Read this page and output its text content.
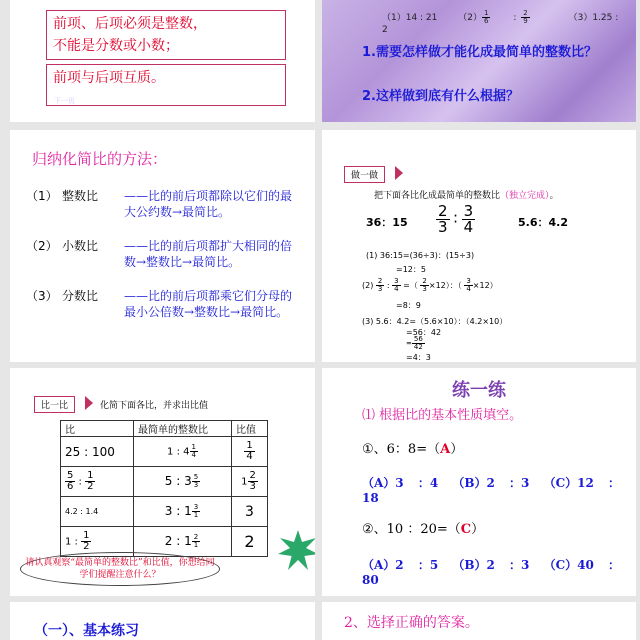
前项、后项必须是整数，
不能是分数或小数；
前项与后项互质。
下一页
（1）14 : 21 $(2) \frac{1}{6}$ : $\frac{2}{9} (3)1.25$ : 2
1.需要怎样做才能化成最简单的整数比？
2.这样做到底有什么根据？
归纳化简比的方法：
（1） 整数比	——比的前后项都除以它们的最大公约数→最简比。
（2） 小数比	——比的前后项都扩大相同的倍数→整数比→最简比。
（3） 分数比	——比的前后项都乘它们分母的最小公倍数→整数比→最简比。
做一做
把下面各比化成最简单的整数比（独立完成）。
36：$15 \frac{2}{3}$ : $\frac{3}{4}$	5.6：4.2
(1) 36:15=(36÷3)：(15÷3)
=12：5
$(2) \frac{2}{3}$ : $\frac{3}{4}$ =（ $\frac{2}{3} \times 12$）：（ $\frac{3}{4} \times 12$）
=8：9
(3) 5.6：4.2=（5.6×10）：（4.2×10）
=56：42
= $\frac{56}{42}$
=4：3
比一比	化简下面各比，并求出比值
比	最简单的整数比	比值
25 : 100	1 : $4 \frac{1}{4}$	$\frac{1}{4}$

$\frac{5}{6}$ : $\frac{1}{2}$	5 : $3 \frac{5}{3}$	$1 \frac{2}{3}$

4.2 : 1.4	3 : $1 \frac{3}{1}$	3
1 : $\frac{1}{2}$	2 : $1 \frac{2}{1}$	2
请认真观察“最简单的整数比”和比值，你想给同学们提醒注意什么？
练一练
⑴ 根据比的基本性质填空。
①、6：8=（A）
（A）3 ：4 （B）2 ：3 （C）12 ：18
②、10 ：20=（C）
（A）2 ：5 （B）2 ：3 （C）40 ：80
（一）、基本练习	2、选择正确的答案。
